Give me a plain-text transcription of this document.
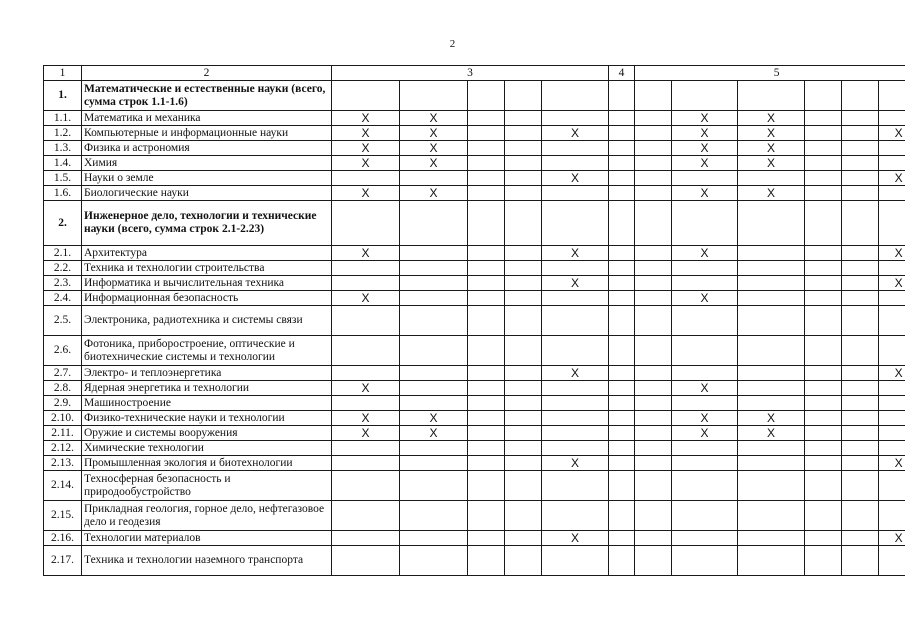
2
1	2	3					4	5					
1.	Математические и естественные науки (всего, сумма строк 1.1-1.6)												
1.1.	Математика и механика	X	X						X	X			
1.2.	Компьютерные и информационные науки	X	X			X			X	X			X
1.3.	Физика и астрономия	X	X						X	X			
1.4.	Химия	X	X						X	X			
1.5.	Науки о земле					X							X
1.6.	Биологические науки	X	X						X	X			
2.	Инженерное дело, технологии и технические науки (всего, сумма строк 2.1-2.23)												
2.1.	Архитектура	X				X			X				X
2.2.	Техника и технологии строительства												
2.3.	Информатика и вычислительная техника					X							X
2.4.	Информационная безопасность	X							X				
2.5.	Электроника, радиотехника и системы связи												
2.6.	Фотоника, приборостроение, оптические и биотехнические системы и технологии												
2.7.	Электро- и теплоэнергетика					X							X
2.8.	Ядерная энергетика и технологии	X							X				
2.9.	Машиностроение												
2.10.	Физико-технические науки и технологии	X	X						X	X			
2.11.	Оружие и системы вооружения	X	X						X	X			
2.12.	Химические технологии												
2.13.	Промышленная экология и биотехнологии					X							X
2.14.	Техносферная безопасность и природообустройство												
2.15.	Прикладная геология, горное дело, нефтегазовое дело и геодезия												
2.16.	Технологии материалов					X							X
2.17.	Техника и технологии наземного транспорта												
